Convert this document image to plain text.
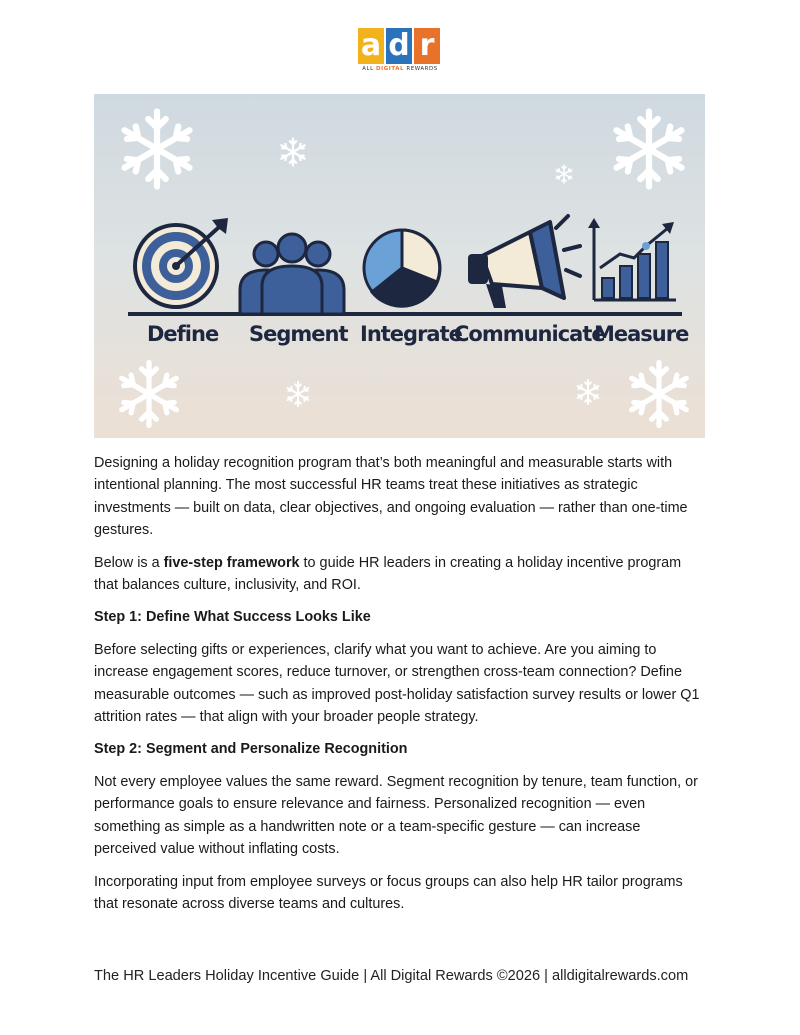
a d r
ALL DIGITAL REWARDS
Define Segment Integrate
Communicate
Measure

Designing a holiday recognition program that’s both meaningful and measurable starts with intentional planning. The most successful HR teams treat these initiatives as strategic investments — built on data, clear objectives, and ongoing evaluation — rather than one-time gestures.

Below is a five-step framework to guide HR leaders in creating a holiday incentive program that balances culture, inclusivity, and ROI.

Step 1: Define What Success Looks Like

Before selecting gifts or experiences, clarify what you want to achieve. Are you aiming to increase engagement scores, reduce turnover, or strengthen cross-team connection? Define measurable outcomes — such as improved post-holiday satisfaction survey results or lower Q1 attrition rates — that align with your broader people strategy.

Step 2: Segment and Personalize Recognition

Not every employee values the same reward. Segment recognition by tenure, team function, or performance goals to ensure relevance and fairness. Personalized recognition — even something as simple as a handwritten note or a team-specific gesture — can increase perceived value without inflating costs.

Incorporating input from employee surveys or focus groups can also help HR tailor programs that resonate across diverse teams and cultures.

The HR Leaders Holiday Incentive Guide | All Digital Rewards ©2026 | alldigitalrewards.com
